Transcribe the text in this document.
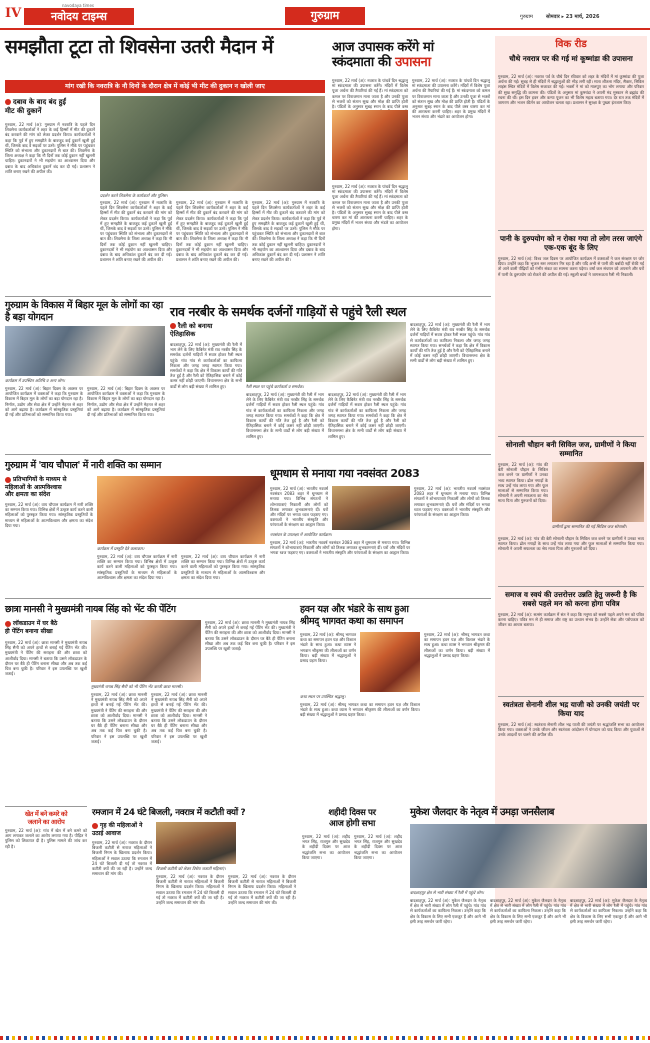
IV
navodaya times
नवोदय टाइम्स	गुरुग्राम	गुरुग्राम	सोमवार ▸ 23 मार्च, 2026
समझौता टूटा तो शिवसेना उतरी मैदान में
मांग रखी कि नवरात्रि के नौ दिनों के दौरान क्षेत्र में कोई भी मीट की दुकान न खोली जाए
दबाव के बाद बंद हुईं
मीट की दुकानें
गुरुग्राम, 22 मार्च (अ): गुरुग्राम में नवरात्रि के पहले दिन शिवसेना कार्यकर्ताओं ने शहर के कई हिस्सों में मीट की दुकानें बंद करवाने की मांग को लेकर प्रदर्शन किया। कार्यकर्ताओं ने कहा कि पूर्व में हुए समझौते के बावजूद कई दुकानें खुली हुई थीं, जिसके बाद वे सड़कों पर उतरे। पुलिस ने मौके पर पहुंचकर स्थिति को संभाला और दुकानदारों से बात की। शिवसेना के जिला अध्यक्ष ने कहा कि नौ दिनों तक कोई दुकान नहीं खुलनी चाहिए। दुकानदारों ने भी सहयोग का आश्वासन दिया और दबाव के बाद अधिकांश दुकानें बंद कर दी गईं। प्रशासन ने शांति बनाए रखने की अपील की।
प्रदर्शन करते शिवसेना के कार्यकर्ता और पुलिस।
गुरुग्राम, 22 मार्च (अ): गुरुग्राम में नवरात्रि के पहले दिन शिवसेना कार्यकर्ताओं ने शहर के कई हिस्सों में मीट की दुकानें बंद करवाने की मांग को लेकर प्रदर्शन किया। कार्यकर्ताओं ने कहा कि पूर्व में हुए समझौते के बावजूद कई दुकानें खुली हुई थीं, जिसके बाद वे सड़कों पर उतरे। पुलिस ने मौके पर पहुंचकर स्थिति को संभाला और दुकानदारों से बात की। शिवसेना के जिला अध्यक्ष ने कहा कि नौ दिनों तक कोई दुकान नहीं खुलनी चाहिए। दुकानदारों ने भी सहयोग का आश्वासन दिया और दबाव के बाद अधिकांश दुकानें बंद कर दी गईं। प्रशासन ने शांति बनाए रखने की अपील की।
गुरुग्राम, 22 मार्च (अ): गुरुग्राम में नवरात्रि के पहले दिन शिवसेना कार्यकर्ताओं ने शहर के कई हिस्सों में मीट की दुकानें बंद करवाने की मांग को लेकर प्रदर्शन किया। कार्यकर्ताओं ने कहा कि पूर्व में हुए समझौते के बावजूद कई दुकानें खुली हुई थीं, जिसके बाद वे सड़कों पर उतरे। पुलिस ने मौके पर पहुंचकर स्थिति को संभाला और दुकानदारों से बात की। शिवसेना के जिला अध्यक्ष ने कहा कि नौ दिनों तक कोई दुकान नहीं खुलनी चाहिए। दुकानदारों ने भी सहयोग का आश्वासन दिया और दबाव के बाद अधिकांश दुकानें बंद कर दी गईं। प्रशासन ने शांति बनाए रखने की अपील की।
गुरुग्राम, 22 मार्च (अ): गुरुग्राम में नवरात्रि के पहले दिन शिवसेना कार्यकर्ताओं ने शहर के कई हिस्सों में मीट की दुकानें बंद करवाने की मांग को लेकर प्रदर्शन किया। कार्यकर्ताओं ने कहा कि पूर्व में हुए समझौते के बावजूद कई दुकानें खुली हुई थीं, जिसके बाद वे सड़कों पर उतरे। पुलिस ने मौके पर पहुंचकर स्थिति को संभाला और दुकानदारों से बात की। शिवसेना के जिला अध्यक्ष ने कहा कि नौ दिनों तक कोई दुकान नहीं खुलनी चाहिए। दुकानदारों ने भी सहयोग का आश्वासन दिया और दबाव के बाद अधिकांश दुकानें बंद कर दी गईं। प्रशासन ने शांति बनाए रखने की अपील की।
आज उपासक करेंगे मां
स्कंदमाता की उपासना
गुरुग्राम, 22 मार्च (अ): नवरात्र के पांचवें दिन श्रद्धालु मां स्कंदमाता की उपासना करेंगे। मंदिरों में विशेष पूजा अर्चना की तैयारियां की गई हैं। मां स्कंदमाता को कमल पर विराजमान माना जाता है और उनकी पूजा से भक्तों को संतान सुख और मोक्ष की प्राप्ति होती है। पंडितों के अनुसार सुबह स्नान के बाद पीले वस्त्र
गुरुग्राम, 22 मार्च (अ): नवरात्र के पांचवें दिन श्रद्धालु मां स्कंदमाता की उपासना करेंगे। मंदिरों में विशेष पूजा अर्चना की तैयारियां की गई हैं। मां स्कंदमाता को कमल पर विराजमान माना जाता है और उनकी पूजा से भक्तों को संतान सुख और मोक्ष की प्राप्ति होती है। पंडितों के अनुसार सुबह स्नान के बाद पीले वस्त्र धारण कर मां की आराधना करनी चाहिए। शहर के प्रमुख मंदिरों में भजन संध्या और भंडारे का आयोजन होगा।
गुरुग्राम, 22 मार्च (अ): नवरात्र के पांचवें दिन श्रद्धालु मां स्कंदमाता की उपासना करेंगे। मंदिरों में विशेष पूजा अर्चना की तैयारियां की गई हैं। मां स्कंदमाता को कमल पर विराजमान माना जाता है और उनकी पूजा से भक्तों को संतान सुख और मोक्ष की प्राप्ति होती है। पंडितों के अनुसार सुबह स्नान के बाद पीले वस्त्र धारण कर मां की आराधना करनी चाहिए। शहर के प्रमुख मंदिरों में भजन संध्या और भंडारे का आयोजन होगा।
विक रीड
चौथे नवरात्र पर की गई मां कूष्मांडा की उपासना
गुरुग्राम, 22 मार्च (अ): नवरात्र पर्व के चौथे दिन रविवार को शहर के मंदिरों में मां कूष्मांडा की पूजा अर्चना की गई। सुबह से ही मंदिरों में श्रद्धालुओं की भीड़ लगी रही। माता शीतला मंदिर, सैक्टर, सिविल लाइंस स्थित मंदिरों में विशेष सजावट की गई। भक्तों ने मां को मालपुए का भोग लगाया और परिवार की सुख समृद्धि की कामना की। पंडितों के अनुसार मां कूष्मांडा ने अपनी मंद मुस्कान से ब्रह्मांड की रचना की थी। इस दिन हवन और कन्या पूजन का भी विशेष महत्व बताया गया। देर रात तक मंदिरों में जागरण और भजन कीर्तन का आयोजन चलता रहा। प्रशासन ने सुरक्षा के पुख्ता इंतजाम किए।
पानी के दुरुपयोग को न रोका गया तो लोग तरस जाएंगे एक-एक बूंद के लिए
गुरुग्राम, 22 मार्च (अ): विश्व जल दिवस पर आयोजित कार्यक्रम में वक्ताओं ने जल संरक्षण पर जोर दिया। उन्होंने कहा कि भूजल स्तर लगातार गिर रहा है और यदि अभी से पानी की बर्बादी नहीं रोकी गई तो आने वाली पीढ़ियों को गंभीर संकट का सामना करना पड़ेगा। वर्षा जल संचयन को अपनाने और घरों में पानी के दुरुपयोग को रोकने की अपील की गई। स्कूली बच्चों ने जागरूकता रैली भी निकाली।
सोनाली चौहान बनी सिविल जज, ग्रामीणों ने किया सम्मानित
गुरुग्राम, 22 मार्च (अ): गांव की बेटी सोनाली चौहान के सिविल जज बनने पर ग्रामीणों ने उनका भव्य स्वागत किया। ढोल नगाड़ों के साथ उन्हें गांव लाया गया और फूल मालाओं से सम्मानित किया गया। सोनाली ने अपनी सफलता का श्रेय माता पिता और गुरुजनों को दिया।
ग्रामीणों द्वारा सम्मानित की गई सिविल जज सोनाली।
गुरुग्राम, 22 मार्च (अ): गांव की बेटी सोनाली चौहान के सिविल जज बनने पर ग्रामीणों ने उनका भव्य स्वागत किया। ढोल नगाड़ों के साथ उन्हें गांव लाया गया और फूल मालाओं से सम्मानित किया गया। सोनाली ने अपनी सफलता का श्रेय माता पिता और गुरुजनों को दिया।
समाज व स्वयं की उत्तरोत्तर उन्नति हेतु जरूरी है कि सबसे पहले मन को करना होगा पवित्र
गुरुग्राम, 22 मार्च (अ): सत्संग कार्यक्रम में संत ने कहा कि मनुष्य को सबसे पहले अपने मन को पवित्र करना चाहिए। पवित्र मन से ही समाज और राष्ट्र का उत्थान संभव है। उन्होंने सेवा और परोपकार को जीवन का आधार बताया।
स्वतंत्रता सेनानी शील भद्र याजी को उनकी जयंती पर किया याद
गुरुग्राम, 22 मार्च (अ): स्वतंत्रता सेनानी शील भद्र याजी की जयंती पर श्रद्धांजलि सभा का आयोजन किया गया। वक्ताओं ने उनके जीवन और स्वतंत्रता आंदोलन में योगदान को याद किया और युवाओं से उनके आदर्शों पर चलने की अपील की।
गुरुग्राम के विकास में बिहार मूल के लोगों का रहा है बड़ा योगदान
कार्यक्रम में उपस्थित अतिथि व अन्य लोग।
गुरुग्राम, 22 मार्च (अ): बिहार दिवस के अवसर पर आयोजित कार्यक्रम में वक्ताओं ने कहा कि गुरुग्राम के विकास में बिहार मूल के लोगों का बड़ा योगदान रहा है। निर्माण, उद्योग और सेवा क्षेत्र में उन्होंने मेहनत से शहर को आगे बढ़ाया है। कार्यक्रम में सांस्कृतिक प्रस्तुतियां दी गईं और प्रतिभाओं को सम्मानित किया गया।
गुरुग्राम, 22 मार्च (अ): बिहार दिवस के अवसर पर आयोजित कार्यक्रम में वक्ताओं ने कहा कि गुरुग्राम के विकास में बिहार मूल के लोगों का बड़ा योगदान रहा है। निर्माण, उद्योग और सेवा क्षेत्र में उन्होंने मेहनत से शहर को आगे बढ़ाया है। कार्यक्रम में सांस्कृतिक प्रस्तुतियां दी गईं और प्रतिभाओं को सम्मानित किया गया।
राव नरबीर के समर्थक दर्जनों गाड़ियों से पहुंचे रैली स्थल
रैली को बनाया
ऐतिहासिक
बादशाहपुर, 22 मार्च (अ): मुख्यमंत्री की रैली में भाग लेने के लिए कैबिनेट मंत्री राव नरबीर सिंह के समर्थक दर्जनों गाड़ियों में सवार होकर रैली स्थल पहुंचे। गांव गांव से कार्यकर्ताओं का काफिला निकला और जगह जगह स्वागत किया गया। समर्थकों ने कहा कि क्षेत्र में विकास कार्यों की गति तेज हुई है और रैली को ऐतिहासिक बनाने में कोई कसर नहीं छोड़ी जाएगी। विधानसभा क्षेत्र के सभी वार्डों से लोग बड़ी संख्या में शामिल हुए।	रैली स्थल पर पहुंचे कार्यकर्ता व समर्थक।
बादशाहपुर, 22 मार्च (अ): मुख्यमंत्री की रैली में भाग लेने के लिए कैबिनेट मंत्री राव नरबीर सिंह के समर्थक दर्जनों गाड़ियों में सवार होकर रैली स्थल पहुंचे। गांव गांव से कार्यकर्ताओं का काफिला निकला और जगह जगह स्वागत किया गया। समर्थकों ने कहा कि क्षेत्र में विकास कार्यों की गति तेज हुई है और रैली को ऐतिहासिक बनाने में कोई कसर नहीं छोड़ी जाएगी। विधानसभा क्षेत्र के सभी वार्डों से लोग बड़ी संख्या में शामिल हुए।
बादशाहपुर, 22 मार्च (अ): मुख्यमंत्री की रैली में भाग लेने के लिए कैबिनेट मंत्री राव नरबीर सिंह के समर्थक दर्जनों गाड़ियों में सवार होकर रैली स्थल पहुंचे। गांव गांव से कार्यकर्ताओं का काफिला निकला और जगह जगह स्वागत किया गया। समर्थकों ने कहा कि क्षेत्र में विकास कार्यों की गति तेज हुई है और रैली को ऐतिहासिक बनाने में कोई कसर नहीं छोड़ी जाएगी। विधानसभा क्षेत्र के सभी वार्डों से लोग बड़ी संख्या में शामिल हुए।
बादशाहपुर, 22 मार्च (अ): मुख्यमंत्री की रैली में भाग लेने के लिए कैबिनेट मंत्री राव नरबीर सिंह के समर्थक दर्जनों गाड़ियों में सवार होकर रैली स्थल पहुंचे। गांव गांव से कार्यकर्ताओं का काफिला निकला और जगह जगह स्वागत किया गया। समर्थकों ने कहा कि क्षेत्र में विकास कार्यों की गति तेज हुई है और रैली को ऐतिहासिक बनाने में कोई कसर नहीं छोड़ी जाएगी। विधानसभा क्षेत्र के सभी वार्डों से लोग बड़ी संख्या में शामिल हुए।
गुरुग्राम में 'वाय चौपाल' में नारी शक्ति का सम्मान
प्रतिभागियों के माध्यम से
महिलाओं के आत्मविश्वास
और क्षमता का संदेश
गुरुग्राम, 22 मार्च (अ): वाय चौपाल कार्यक्रम में नारी शक्ति का सम्मान किया गया। विभिन्न क्षेत्रों में उत्कृष्ट कार्य करने वाली महिलाओं को पुरस्कृत किया गया। सांस्कृतिक प्रस्तुतियों के माध्यम से महिलाओं के आत्मविश्वास और क्षमता का संदेश दिया गया।
कार्यक्रम में प्रस्तुति देते कलाकार।
गुरुग्राम, 22 मार्च (अ): वाय चौपाल कार्यक्रम में नारी शक्ति का सम्मान किया गया। विभिन्न क्षेत्रों में उत्कृष्ट कार्य करने वाली महिलाओं को पुरस्कृत किया गया। सांस्कृतिक प्रस्तुतियों के माध्यम से महिलाओं के आत्मविश्वास और क्षमता का संदेश दिया गया।
गुरुग्राम, 22 मार्च (अ): वाय चौपाल कार्यक्रम में नारी शक्ति का सम्मान किया गया। विभिन्न क्षेत्रों में उत्कृष्ट कार्य करने वाली महिलाओं को पुरस्कृत किया गया। सांस्कृतिक प्रस्तुतियों के माध्यम से महिलाओं के आत्मविश्वास और क्षमता का संदेश दिया गया।
धूमधाम से मनाया गया नवसंवत 2083
गुरुग्राम, 22 मार्च (अ): भारतीय नववर्ष नवसंवत 2083 शहर में धूमधाम से मनाया गया। विभिन्न संगठनों ने शोभायात्राएं निकालीं और लोगों को तिलक लगाकर शुभकामनाएं दीं। घरों और मंदिरों पर भगवा ध्वज फहराए गए। वक्ताओं ने भारतीय संस्कृति और परंपराओं के संरक्षण का आह्वान किया।
गुरुग्राम, 22 मार्च (अ): भारतीय नववर्ष नवसंवत 2083 शहर में धूमधाम से मनाया गया। विभिन्न संगठनों ने शोभायात्राएं निकालीं और लोगों को तिलक लगाकर शुभकामनाएं दीं। घरों और मंदिरों पर भगवा ध्वज फहराए गए। वक्ताओं ने भारतीय संस्कृति और परंपराओं के संरक्षण का आह्वान किया।
नवसंवत के उपलक्ष्य में आयोजित कार्यक्रम।
गुरुग्राम, 22 मार्च (अ): भारतीय नववर्ष नवसंवत 2083 शहर में धूमधाम से मनाया गया। विभिन्न संगठनों ने शोभायात्राएं निकालीं और लोगों को तिलक लगाकर शुभकामनाएं दीं। घरों और मंदिरों पर भगवा ध्वज फहराए गए। वक्ताओं ने भारतीय संस्कृति और परंपराओं के संरक्षण का आह्वान किया।
छात्रा मानसी ने मुख्यमंत्री नायब सिंह को भेंट की पेंटिंग
लॉकडाउन में घर बैठे
ही पेंटिंग बनाना सीखा
गुरुग्राम, 22 मार्च (अ): छात्रा मानसी ने मुख्यमंत्री नायब सिंह सैनी को अपने हाथों से बनाई गई पेंटिंग भेंट की। मुख्यमंत्री ने पेंटिंग की सराहना की और छात्रा को आशीर्वाद दिया। मानसी ने बताया कि उसने लॉकडाउन के दौरान घर बैठे ही पेंटिंग बनाना सीखा और अब तक कई चित्र बना चुकी है। परिवार ने इस उपलब्धि पर खुशी जताई।
मुख्यमंत्री नायब सिंह सैनी को भी पेंटिंग भेंट करती छात्रा मानसी।
गुरुग्राम, 22 मार्च (अ): छात्रा मानसी ने मुख्यमंत्री नायब सिंह सैनी को अपने हाथों से बनाई गई पेंटिंग भेंट की। मुख्यमंत्री ने पेंटिंग की सराहना की और छात्रा को आशीर्वाद दिया। मानसी ने बताया कि उसने लॉकडाउन के दौरान घर बैठे ही पेंटिंग बनाना सीखा और अब तक कई चित्र बना चुकी है। परिवार ने इस उपलब्धि पर खुशी जताई।
गुरुग्राम, 22 मार्च (अ): छात्रा मानसी ने मुख्यमंत्री नायब सिंह सैनी को अपने हाथों से बनाई गई पेंटिंग भेंट की। मुख्यमंत्री ने पेंटिंग की सराहना की और छात्रा को आशीर्वाद दिया। मानसी ने बताया कि उसने लॉकडाउन के दौरान घर बैठे ही पेंटिंग बनाना सीखा और अब तक कई चित्र बना चुकी है। परिवार ने इस उपलब्धि पर खुशी जताई।
गुरुग्राम, 22 मार्च (अ): छात्रा मानसी ने मुख्यमंत्री नायब सिंह सैनी को अपने हाथों से बनाई गई पेंटिंग भेंट की। मुख्यमंत्री ने पेंटिंग की सराहना की और छात्रा को आशीर्वाद दिया। मानसी ने बताया कि उसने लॉकडाउन के दौरान घर बैठे ही पेंटिंग बनाना सीखा और अब तक कई चित्र बना चुकी है। परिवार ने इस उपलब्धि पर खुशी जताई।
खेत में बने कमरे को
जलाने का आरोप
गुरुग्राम, 22 मार्च (अ): गांव में खेत में बने कमरे को आग लगाकर जलाने का आरोप लगाया गया है। पीड़ित ने पुलिस को शिकायत दी है। पुलिस मामले की जांच कर रही है।
हवन यज्ञ और भंडारे के साथ हुआ
श्रीमद् भागवत कथा का समापन
गुरुग्राम, 22 मार्च (अ): श्रीमद् भागवत कथा का समापन हवन यज्ञ और विशाल भंडारे के साथ हुआ। कथा व्यास ने भगवान श्रीकृष्ण की लीलाओं का वर्णन किया। बड़ी संख्या में श्रद्धालुओं ने प्रसाद ग्रहण किया।
कथा स्थल पर उपस्थित श्रद्धालु।
गुरुग्राम, 22 मार्च (अ): श्रीमद् भागवत कथा का समापन हवन यज्ञ और विशाल भंडारे के साथ हुआ। कथा व्यास ने भगवान श्रीकृष्ण की लीलाओं का वर्णन किया। बड़ी संख्या में श्रद्धालुओं ने प्रसाद ग्रहण किया।
गुरुग्राम, 22 मार्च (अ): श्रीमद् भागवत कथा का समापन हवन यज्ञ और विशाल भंडारे के साथ हुआ। कथा व्यास ने भगवान श्रीकृष्ण की लीलाओं का वर्णन किया। बड़ी संख्या में श्रद्धालुओं ने प्रसाद ग्रहण किया।
रमजान में 24 घंटे बिजली, नवरात्र में कटौती क्यों ?
गृह की महिलाओं ने
उठाई आवाज
गुरुग्राम, 22 मार्च (अ): नवरात्र के दौरान बिजली कटौती से नाराज महिलाओं ने बिजली निगम के खिलाफ प्रदर्शन किया। महिलाओं ने सवाल उठाया कि रमजान में 24 घंटे बिजली दी गई तो नवरात्र में कटौती क्यों की जा रही है। उन्होंने जल्द समाधान की मांग की।
बिजली कटौती को लेकर विरोध जताती महिलाएं।
गुरुग्राम, 22 मार्च (अ): नवरात्र के दौरान बिजली कटौती से नाराज महिलाओं ने बिजली निगम के खिलाफ प्रदर्शन किया। महिलाओं ने सवाल उठाया कि रमजान में 24 घंटे बिजली दी गई तो नवरात्र में कटौती क्यों की जा रही है। उन्होंने जल्द समाधान की मांग की।
गुरुग्राम, 22 मार्च (अ): नवरात्र के दौरान बिजली कटौती से नाराज महिलाओं ने बिजली निगम के खिलाफ प्रदर्शन किया। महिलाओं ने सवाल उठाया कि रमजान में 24 घंटे बिजली दी गई तो नवरात्र में कटौती क्यों की जा रही है। उन्होंने जल्द समाधान की मांग की।
शहीदी दिवस पर
आज होगी सभा
गुरुग्राम, 22 मार्च (अ): शहीद भगत सिंह, राजगुरु और सुखदेव के शहीदी दिवस पर आज श्रद्धांजलि सभा का आयोजन किया जाएगा।
गुरुग्राम, 22 मार्च (अ): शहीद भगत सिंह, राजगुरु और सुखदेव के शहीदी दिवस पर आज श्रद्धांजलि सभा का आयोजन किया जाएगा।
मुकेश जैलदार के नेतृत्व में उमड़ा जनसैलाब
बादशाहपुर क्षेत्र से भारी संख्या में रैली में पहुंचे लोग।
बादशाहपुर, 22 मार्च (अ): मुकेश जैलदार के नेतृत्व में क्षेत्र से भारी संख्या में लोग रैली में पहुंचे। गांव गांव से कार्यकर्ताओं का काफिला निकला। उन्होंने कहा कि क्षेत्र के विकास के लिए सभी एकजुट हैं और आगे भी इसी तरह समर्थन जारी रहेगा।
बादशाहपुर, 22 मार्च (अ): मुकेश जैलदार के नेतृत्व में क्षेत्र से भारी संख्या में लोग रैली में पहुंचे। गांव गांव से कार्यकर्ताओं का काफिला निकला। उन्होंने कहा कि क्षेत्र के विकास के लिए सभी एकजुट हैं और आगे भी इसी तरह समर्थन जारी रहेगा।
बादशाहपुर, 22 मार्च (अ): मुकेश जैलदार के नेतृत्व में क्षेत्र से भारी संख्या में लोग रैली में पहुंचे। गांव गांव से कार्यकर्ताओं का काफिला निकला। उन्होंने कहा कि क्षेत्र के विकास के लिए सभी एकजुट हैं और आगे भी इसी तरह समर्थन जारी रहेगा।
